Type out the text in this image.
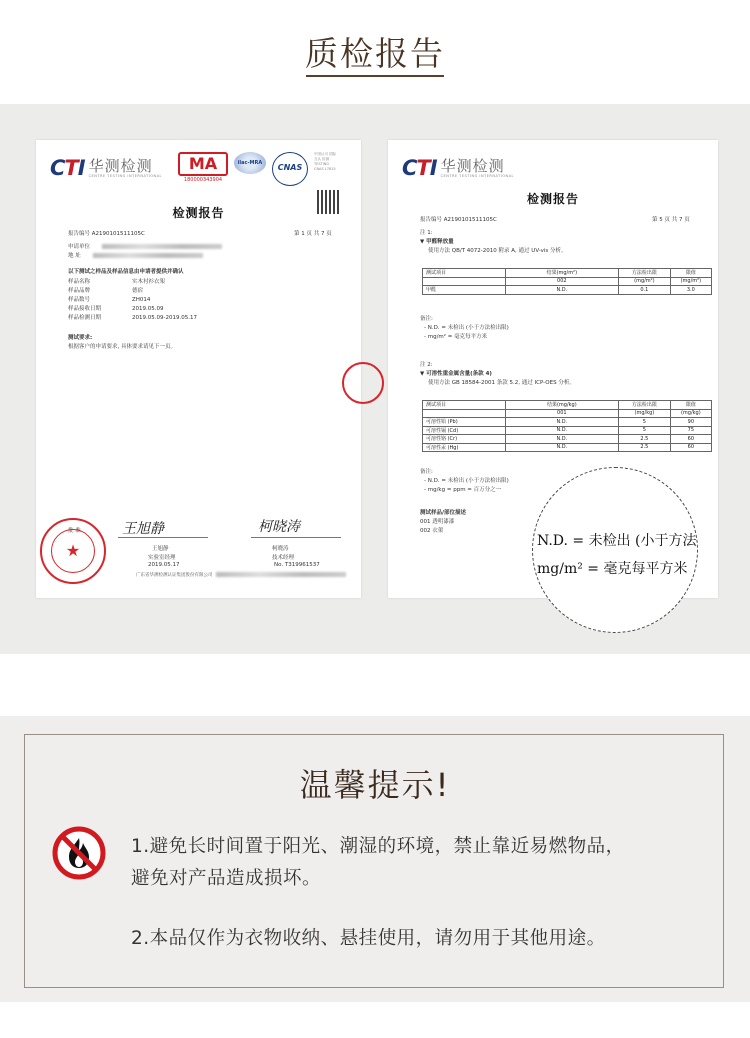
质检报告
CTI 华测检测
CENTRE TESTING INTERNATIONAL
MA
180000343904
ilac-MRA	CNAS
中国认可 国际互认 检测 TESTING CNAS L7815
检测报告
报告编号 A2190101511105C	第 1 页 共 7 页
申请单位
地 址
以下测试之样品及样品信息由申请者提供并确认
样品名称	实木衬衫衣架
样品品牌	德宿
样品数号	ZH014
样品接收日期	2019.05.09
样品检测日期	2019.05.09-2019.05.17
测试要求:
根据客户的申请要求, 具体要求请见下一页。
批 准	王旭静	柯晓涛
王旭静
实验室经理
2019.05.17
柯晓涛
技术经理
No. T319961537
广东省华测检测认证集团股份有限公司
★
CTI 华测检测
CENTRE TESTING INTERNATIONAL
检测报告
报告编号 A2190101511105C	第 5 页 共 7 页
注 1:
▼ 甲醛释放量
使用方法 QB/T 4072-2010 附录 A, 通过 UV-vis 分析。
测试项目	结果(mg/m²)	方法检出限	限值
	002	(mg/m²)	(mg/m²)
甲醛	N.D.	0.1	3.0
备注:
- N.D. = 未检出 (小于方法检出限)
- mg/m² = 毫克每平方米
注 2:
▼ 可溶性重金属含量(条款 4)
使用方法 GB 18584-2001 条款 5.2, 通过 ICP-OES 分析。
测试项目	结果(mg/kg)	方法检出限	限值
	001	(mg/kg)	(mg/kg)
可溶性铅 (Pb)	N.D.	5	90
可溶性镉 (Cd)	N.D.	5	75
可溶性铬 (Cr)	N.D.	2.5	60
可溶性汞 (Hg)	N.D.	2.5	60
备注:
- N.D. = 未检出 (小于方法检出限)
- mg/kg = ppm = 百万分之一
测试样品/部位描述
001 透明漆漆
002 衣架
N.D. = 未检出 (小于方法
mg/m² = 毫克每平方米
温馨提示!
1.避免长时间置于阳光、潮湿的环境，禁止靠近易燃物品，
避免对产品造成损坏。
2.本品仅作为衣物收纳、悬挂使用，请勿用于其他用途。
